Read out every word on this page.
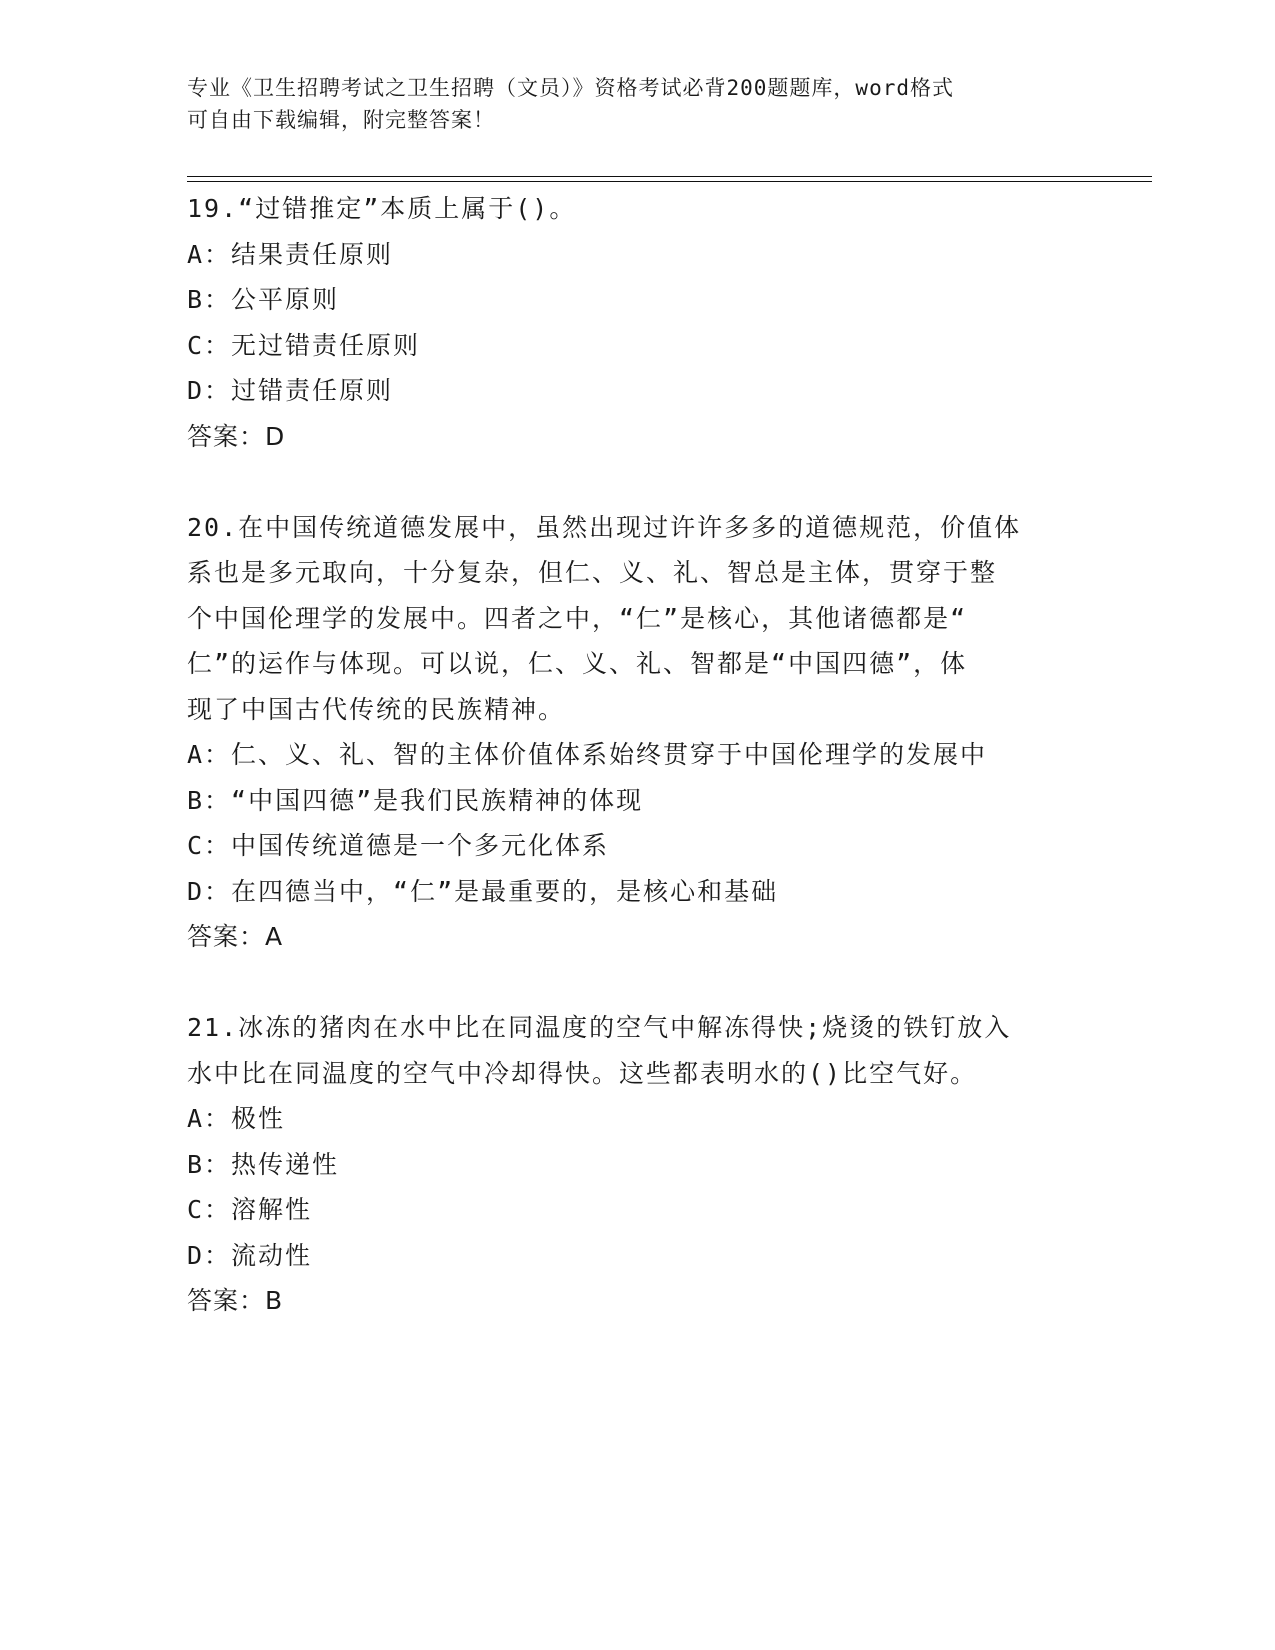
专业《卫生招聘考试之卫生招聘（文员）》资格考试必背200题题库，word格式
可自由下载编辑，附完整答案！
19.“过错推定”本质上属于()。
A：结果责任原则
B：公平原则
C：无过错责任原则
D：过错责任原则
答案：D
20.在中国传统道德发展中，虽然出现过许许多多的道德规范，价值体
系也是多元取向，十分复杂，但仁、义、礼、智总是主体，贯穿于整
个中国伦理学的发展中。四者之中，“仁”是核心，其他诸德都是“
仁”的运作与体现。可以说，仁、义、礼、智都是“中国四德”，体
现了中国古代传统的民族精神。
A：仁、义、礼、智的主体价值体系始终贯穿于中国伦理学的发展中
B：“中国四德”是我们民族精神的体现
C：中国传统道德是一个多元化体系
D：在四德当中，“仁”是最重要的，是核心和基础
答案：A
21.冰冻的猪肉在水中比在同温度的空气中解冻得快;烧烫的铁钉放入
水中比在同温度的空气中冷却得快。这些都表明水的()比空气好。
A：极性
B：热传递性
C：溶解性
D：流动性
答案：B
